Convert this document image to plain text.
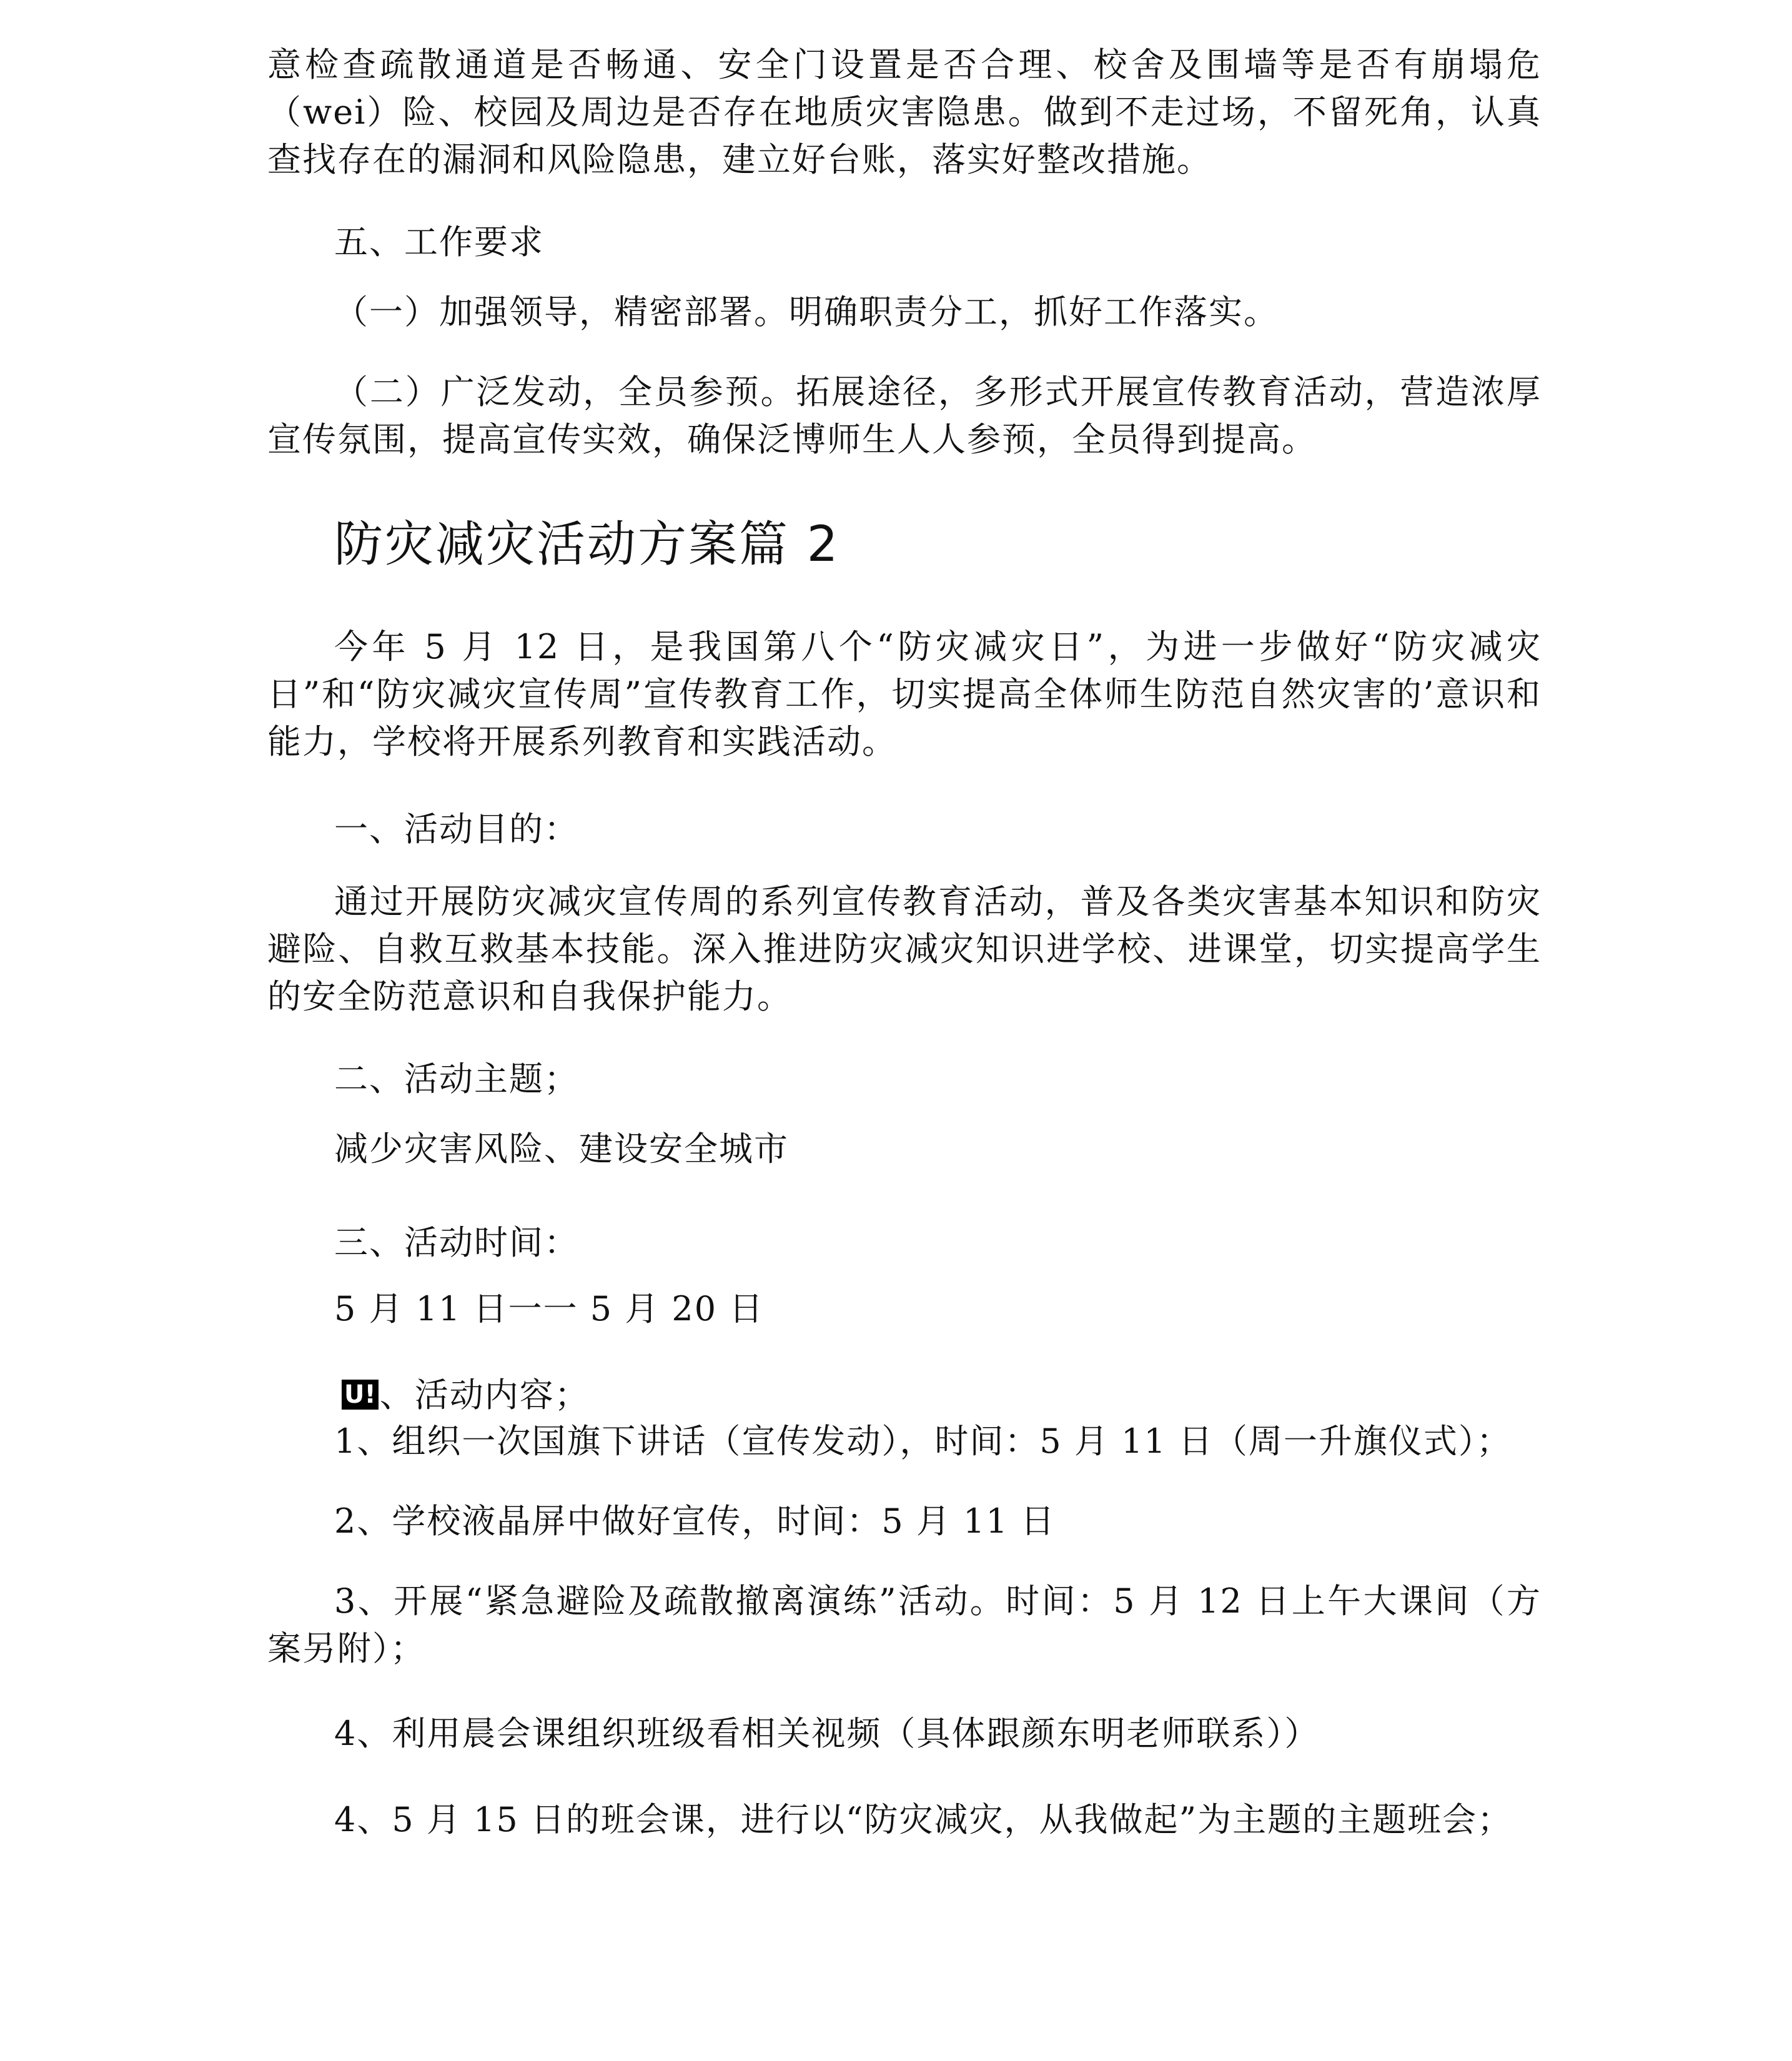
意检查疏散通道是否畅通、安全门设置是否合理、校舍及围墙等是否有崩塌危（wei）险、校园及周边是否存在地质灾害隐患。做到不走过场，不留死角，认真查找存在的漏洞和风险隐患，建立好台账，落实好整改措施。

五、工作要求

（一）加强领导，精密部署。明确职责分工，抓好工作落实。

（二）广泛发动，全员参预。拓展途径，多形式开展宣传教育活动，营造浓厚宣传氛围，提高宣传实效，确保泛博师生人人参预，全员得到提高。

防灾减灾活动方案篇 2

今年 5 月 12 日，是我国第八个“防灾减灾日”，为进一步做好“防灾减灾日”和“防灾减灾宣传周”宣传教育工作，切实提高全体师生防范自然灾害的’意识和能力，学校将开展系列教育和实践活动。

一、活动目的：

通过开展防灾减灾宣传周的系列宣传教育活动，普及各类灾害基本知识和防灾避险、自救互救基本技能。深入推进防灾减灾知识进学校、进课堂，切实提高学生的安全防范意识和自我保护能力。

二、活动主题；

减少灾害风险、建设安全城市

三、活动时间：

5 月 11 日一一 5 月 20 日

U! 、活动内容；

1、组织一次国旗下讲话（宣传发动），时间：5 月 11 日（周一升旗仪式）；

2、学校液晶屏中做好宣传，时间：5 月 11 日

3、开展“紧急避险及疏散撤离演练”活动。时间：5 月 12 日上午大课间（方案另附）；

4、利用晨会课组织班级看相关视频（具体跟颜东明老师联系））

4、5 月 15 日的班会课，进行以“防灾减灾，从我做起”为主题的主题班会；
